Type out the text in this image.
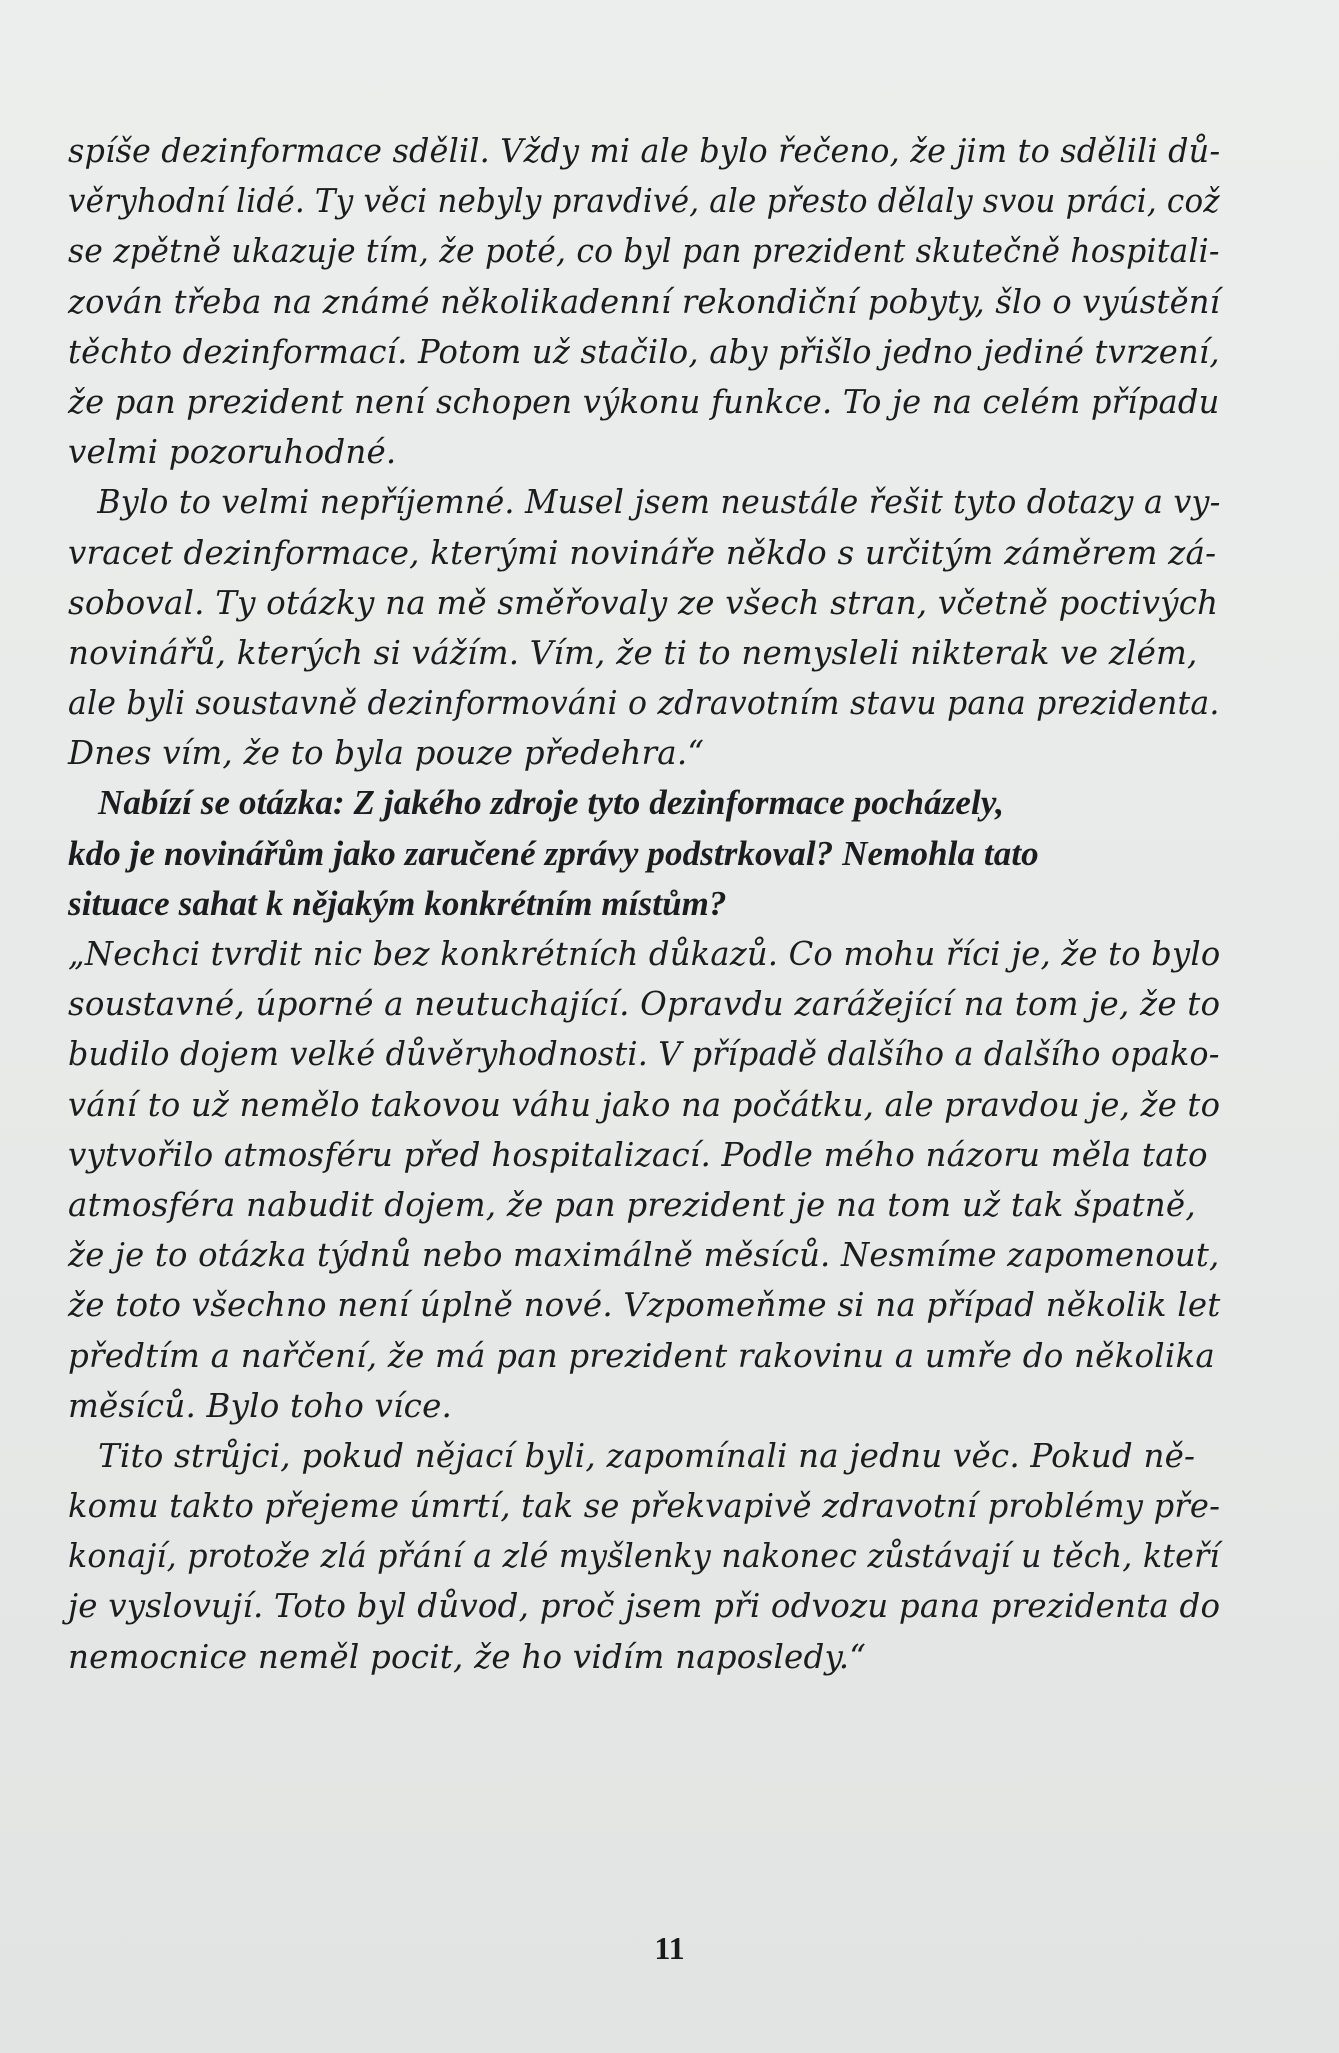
spíše dezinformace sdělil. Vždy mi ale bylo řečeno, že jim to sdělili dů-
věryhodní lidé. Ty věci nebyly pravdivé, ale přesto dělaly svou práci, což
se zpětně ukazuje tím, že poté, co byl pan prezident skutečně hospitali-
zován třeba na známé několikadenní rekondiční pobyty, šlo o vyústění
těchto dezinformací. Potom už stačilo, aby přišlo jedno jediné tvrzení,
že pan prezident není schopen výkonu funkce. To je na celém případu
velmi pozoruhodné.
Bylo to velmi nepříjemné. Musel jsem neustále řešit tyto dotazy a vy-
vracet dezinformace, kterými novináře někdo s určitým záměrem zá-
soboval. Ty otázky na mě směřovaly ze všech stran, včetně poctivých
novinářů, kterých si vážím. Vím, že ti to nemysleli nikterak ve zlém,
ale byli soustavně dezinformováni o zdravotním stavu pana prezidenta.
Dnes vím, že to byla pouze předehra.“
Nabízí se otázka: Z jakého zdroje tyto dezinformace pocházely,
kdo je novinářům jako zaručené zprávy podstrkoval? Nemohla tato
situace sahat k nějakým konkrétním místům?
„Nechci tvrdit nic bez konkrétních důkazů. Co mohu říci je, že to bylo
soustavné, úporné a neutuchající. Opravdu zarážející na tom je, že to
budilo dojem velké důvěryhodnosti. V případě dalšího a dalšího opako-
vání to už nemělo takovou váhu jako na počátku, ale pravdou je, že to
vytvořilo atmosféru před hospitalizací. Podle mého názoru měla tato
atmosféra nabudit dojem, že pan prezident je na tom už tak špatně,
že je to otázka týdnů nebo maximálně měsíců. Nesmíme zapomenout,
že toto všechno není úplně nové. Vzpomeňme si na případ několik let
předtím a nařčení, že má pan prezident rakovinu a umře do několika
měsíců. Bylo toho více.
Tito strůjci, pokud nějací byli, zapomínali na jednu věc. Pokud ně-
komu takto přejeme úmrtí, tak se překvapivě zdravotní problémy pře-
konají, protože zlá přání a zlé myšlenky nakonec zůstávají u těch, kteří
je vyslovují. Toto byl důvod, proč jsem při odvozu pana prezidenta do
nemocnice neměl pocit, že ho vidím naposledy.“
11
